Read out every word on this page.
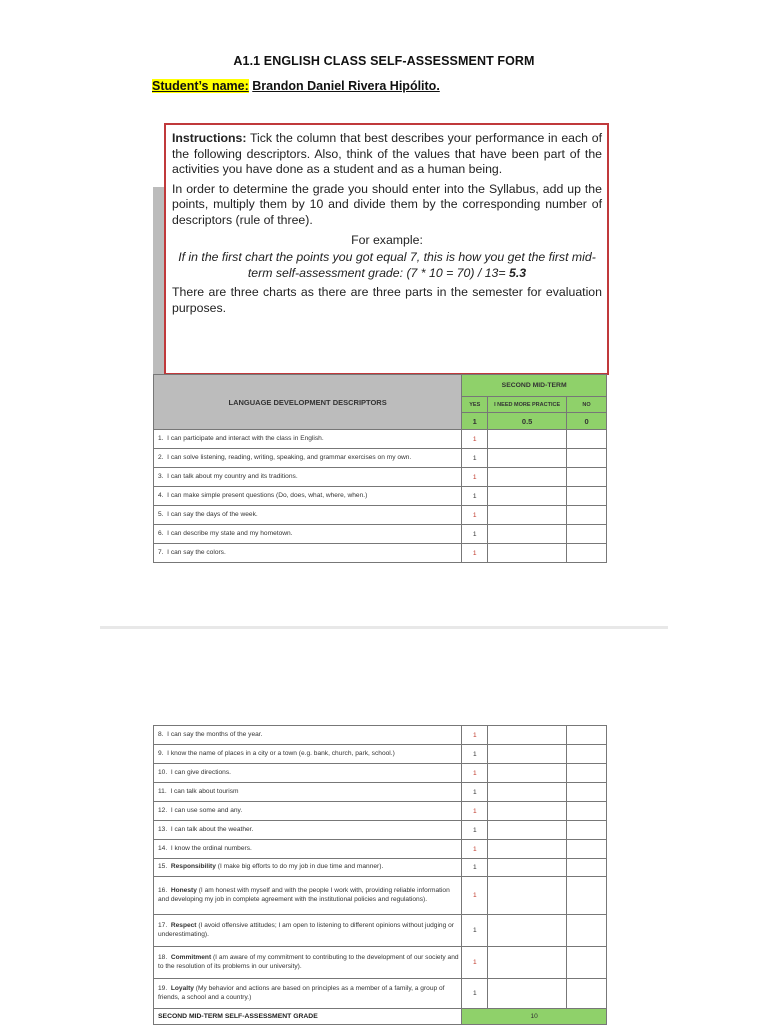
A1.1 ENGLISH CLASS SELF-ASSESSMENT FORM
Student’s name: Brandon Daniel Rivera Hipólito.

Instructions: Tick the column that best describes your performance in each of the following descriptors. Also, think of the values that have been part of the activities you have done as a student and as a human being.

In order to determine the grade you should enter into the Syllabus, add up the points, multiply them by 10 and divide them by the corresponding number of descriptors (rule of three).

For example:

If in the first chart the points you got equal 7, this is how you get the first mid-term self-assessment grade: (7 * 10 = 70) / 13= 5.3

There are three charts as there are three parts in the semester for evaluation purposes.

LANGUAGE DEVELOPMENT DESCRIPTORS	SECOND MID-TERM		
	YES	I NEED MORE PRACTICE	NO
	1	0.5	0
1.  I can participate and interact with the class in English.	1		
2.  I can solve listening, reading, writing, speaking, and grammar exercises on my own.	1		
3.  I can talk about my country and its traditions.	1		
4.  I can make simple present questions (Do, does, what, where, when.)	1		
5.  I can say the days of the week.	1		
6.  I can describe my state and my hometown.	1		
7.  I can say the colors.	1		
8.  I can say the months of the year.	1		
9.  I know the name of places in a city or a town (e.g. bank, church, park, school.)	1		
10.  I can give directions.	1		
11.  I can talk about tourism	1		
12.  I can use some and any.	1		
13.  I can talk about the weather.	1		
14.  I know the ordinal numbers.	1		
15.  Responsibility (I make big efforts to do my job in due time and manner).	1		
16.  Honesty (I am honest with myself and with the people I work with, providing reliable information and developing my job in complete agreement with the institutional policies and regulations).	1		
17.  Respect (I avoid offensive attitudes; I am open to listening to different opinions without judging or underestimating).	1		
18.  Commitment (I am aware of my commitment to contributing to the development of our society and to the resolution of its problems in our university).	1		
19.  Loyalty (My behavior and actions are based on principles as a member of a family, a group of friends, a school and a country.)	1		
SECOND MID-TERM SELF-ASSESSMENT GRADE	10		
